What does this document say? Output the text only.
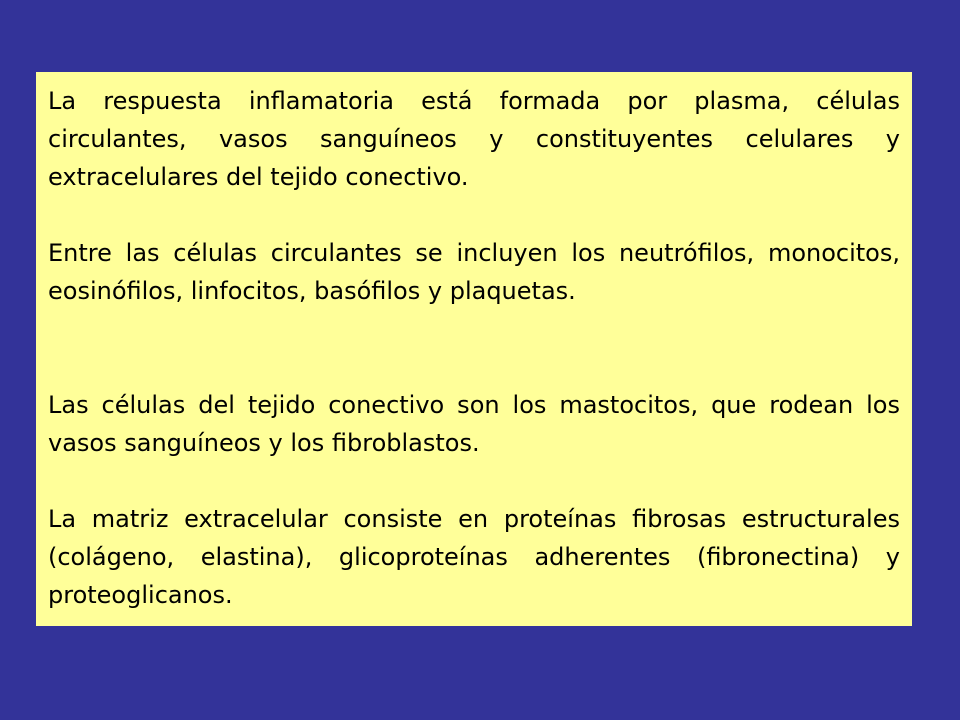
La respuesta inflamatoria está formada por plasma, células circulantes, vasos sanguíneos y constituyentes celulares y extracelulares del tejido conectivo.

Entre las células circulantes se incluyen los neutrófilos, monocitos, eosinófilos, linfocitos, basófilos y plaquetas.

Las células del tejido conectivo son los mastocitos, que rodean los vasos sanguíneos y los fibroblastos.

La matriz extracelular consiste en proteínas fibrosas estructurales (colágeno, elastina), glicoproteínas adherentes (fibronectina) y proteoglicanos.
